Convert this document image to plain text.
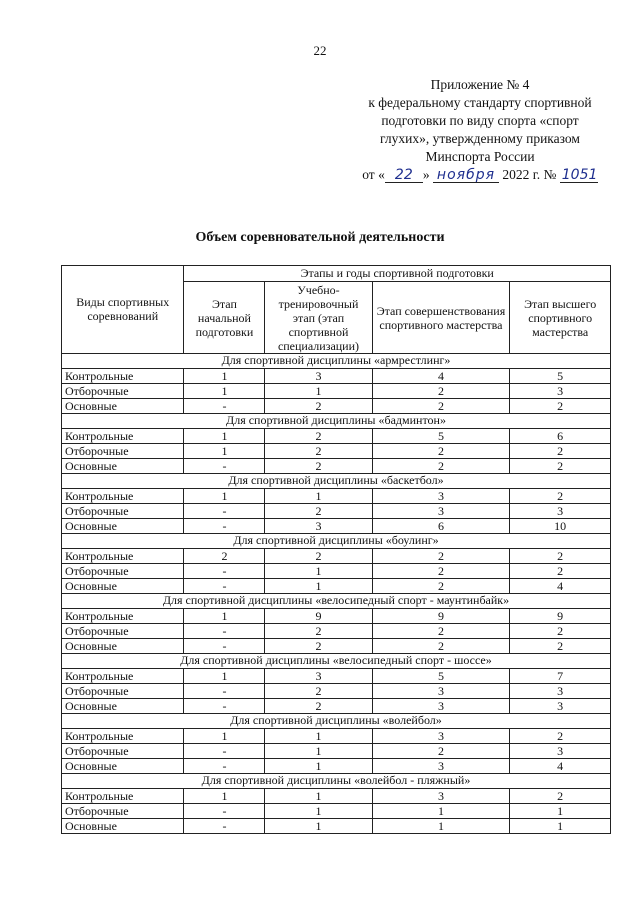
22
Приложение № 4
к федеральному стандарту спортивной
подготовки по виду спорта «спорт
глухих», утвержденному приказом
Минспорта России
от « 22 » ноября 2022 г. № 1051
Объем соревновательной деятельности
Виды спортивных соревнований	Этапы и годы спортивной подготовки			
	Этап начальной подготовки	Учебно-тренировочный этап (этап спортивной специализации)	Этап совершенствования спортивного мастерства	Этап высшего спортивного мастерства
Для спортивной дисциплины «армрестлинг»				
Контрольные	1	3	4	5
Отборочные	1	1	2	3
Основные	-	2	2	2
Для спортивной дисциплины «бадминтон»				
Контрольные	1	2	5	6
Отборочные	1	2	2	2
Основные	-	2	2	2
Для спортивной дисциплины «баскетбол»				
Контрольные	1	1	3	2
Отборочные	-	2	3	3
Основные	-	3	6	10
Для спортивной дисциплины «боулинг»				
Контрольные	2	2	2	2
Отборочные	-	1	2	2
Основные	-	1	2	4
Для спортивной дисциплины «велосипедный спорт - маунтинбайк»				
Контрольные	1	9	9	9
Отборочные	-	2	2	2
Основные	-	2	2	2
Для спортивной дисциплины «велосипедный спорт - шоссе»				
Контрольные	1	3	5	7
Отборочные	-	2	3	3
Основные	-	2	3	3
Для спортивной дисциплины «волейбол»				
Контрольные	1	1	3	2
Отборочные	-	1	2	3
Основные	-	1	3	4
Для спортивной дисциплины «волейбол - пляжный»				
Контрольные	1	1	3	2
Отборочные	-	1	1	1
Основные	-	1	1	1
